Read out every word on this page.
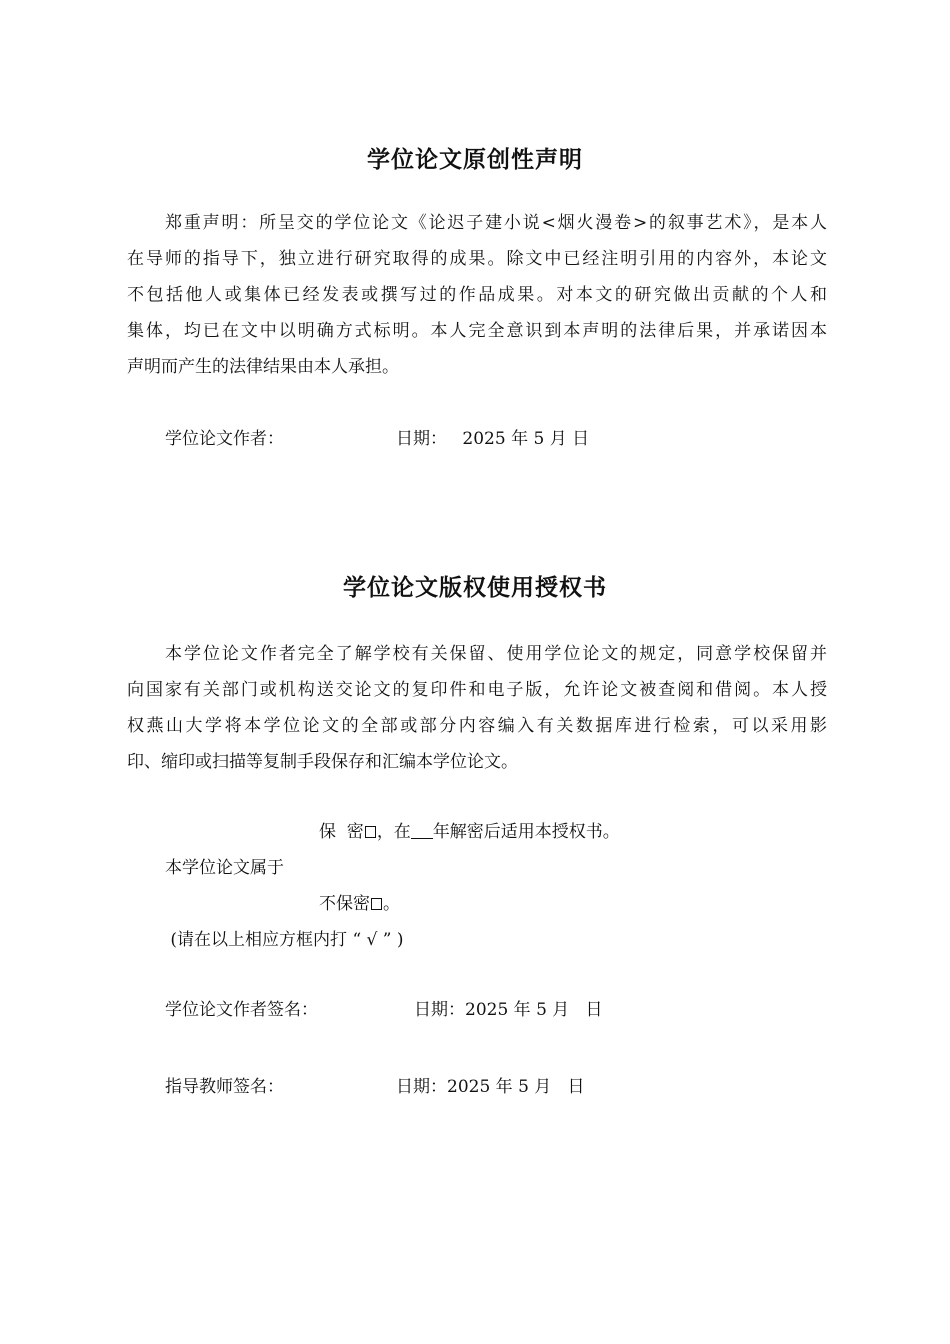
学位论文原创性声明
郑重声明：所呈交的学位论文《论迟子建小说<烟火漫卷>的叙事艺术》，是本人
在导师的指导下，独立进行研究取得的成果。除文中已经注明引用的内容外，本论文
不包括他人或集体已经发表或撰写过的作品成果。对本文的研究做出贡献的个人和
集体，均已在文中以明确方式标明。本人完全意识到本声明的法律后果，并承诺因本
声明而产生的法律结果由本人承担。
学位论文作者：	日期： 2025 年 5 月 日
学位论文版权使用授权书
本学位论文作者完全了解学校有关保留、使用学位论文的规定，同意学校保留并
向国家有关部门或机构送交论文的复印件和电子版，允许论文被查阅和借阅。本人授
权燕山大学将本学位论文的全部或部分内容编入有关数据库进行检索，可以采用影
印、缩印或扫描等复制手段保存和汇编本学位论文。
保  密 ，在 年解密后适用本授权书。
本学位论文属于
不保密 。
(请在以上相应方框内打 “ √ ” )
学位论文作者签名：	日期：2025 年 5 月   日
指导教师签名：	日期：2025 年 5 月   日
